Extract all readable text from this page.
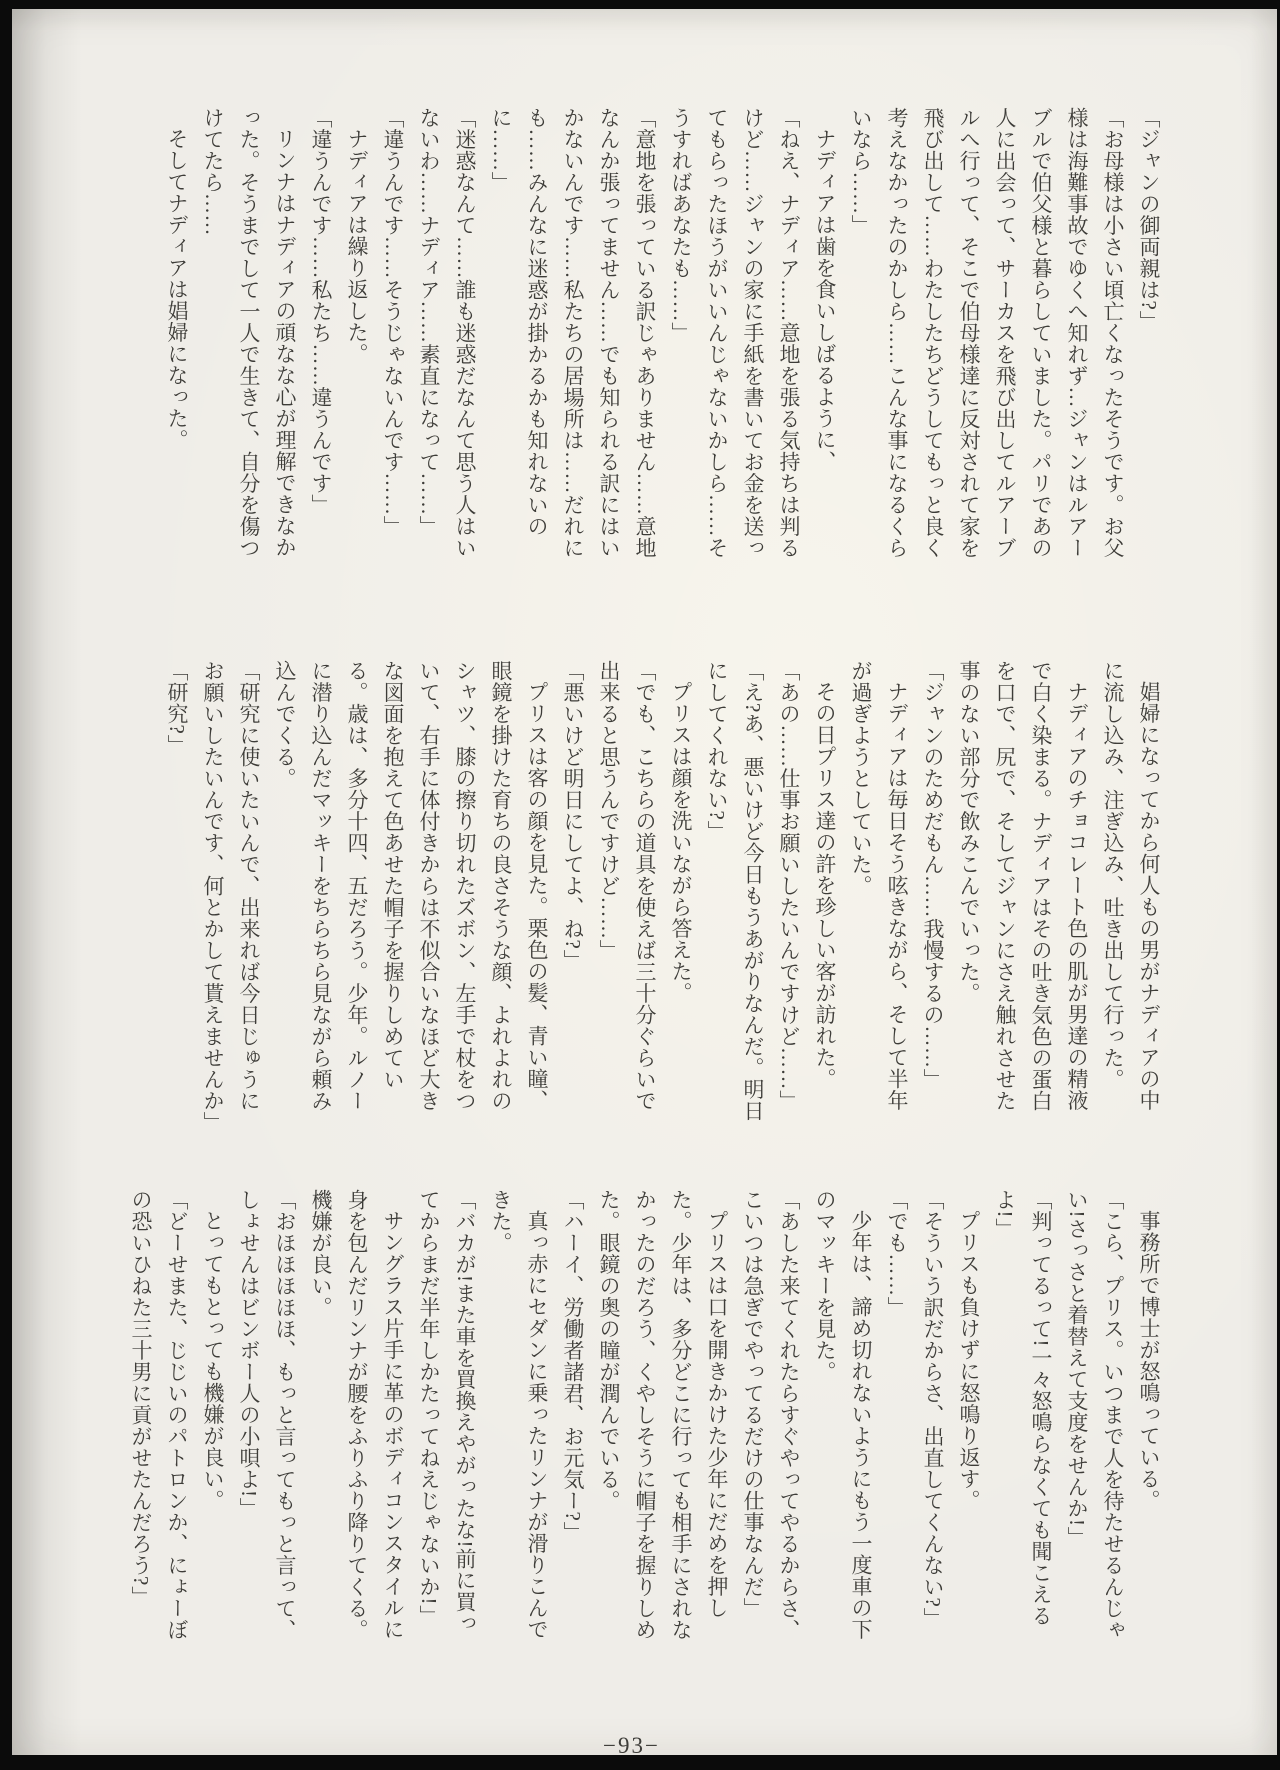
「ジャンの御両親は?」

「お母様は小さい頃亡くなったそうです。お父様は海難事故でゆくへ知れず…ジャンはルアーブルで伯父様と暮らしていました。パリであの人に出会って、サーカスを飛び出してルアーブルへ行って、そこで伯母様達に反対されて家を飛び出して……わたしたちどうしてもっと良く考えなかったのかしら……こんな事になるくらいなら……」

ナディアは歯を食いしばるように、

「ねえ、ナディア……意地を張る気持ちは判るけど……ジャンの家に手紙を書いてお金を送ってもらったほうがいいんじゃないかしら……そうすればあなたも……」

「意地を張っている訳じゃありません……意地なんか張ってません……でも知られる訳にはいかないんです……私たちの居場所は……だれにも……みんなに迷惑が掛かるかも知れないのに……」

「迷惑なんて……誰も迷惑だなんて思う人はいないわ……ナディア……素直になって……」

「違うんです……そうじゃないんです……」

ナディアは繰り返した。

「違うんです……私たち……違うんです」

リンナはナディアの頑なな心が理解できなかった。そうまでして一人で生きて、自分を傷つけてたら……

そしてナディアは娼婦になった。

娼婦になってから何人もの男がナディアの中に流し込み、注ぎ込み、吐き出して行った。

ナディアのチョコレート色の肌が男達の精液で白く染まる。ナディアはその吐き気色の蛋白を口で、尻で、そしてジャンにさえ触れさせた事のない部分で飲みこんでいった。

「ジャンのためだもん……我慢するの……」

ナディアは毎日そう呟きながら、そして半年が過ぎようとしていた。

その日プリス達の許を珍しい客が訪れた。

「あの……仕事お願いしたいんですけど……」

「え?あ、悪いけど今日もうあがりなんだ。明日にしてくれない?」

プリスは顔を洗いながら答えた。

「でも、こちらの道具を使えば三十分ぐらいで出来ると思うんですけど……」

「悪いけど明日にしてよ、ね?」

プリスは客の顔を見た。栗色の髪、青い瞳、眼鏡を掛けた育ちの良さそうな顔、よれよれのシャツ、膝の擦り切れたズボン、左手で杖をついて、右手に体付きからは不似合いなほど大きな図面を抱えて色あせた帽子を握りしめている。歳は、多分十四、五だろう。少年。ルノーに潜り込んだマッキーをちらちら見ながら頼み込んでくる。

「研究に使いたいんで、出来れば今日じゅうにお願いしたいんです、何とかして貰えませんか」

「研究?」

事務所で博士が怒鳴っている。

「こら、プリス。いつまで人を待たせるんじゃい!さっさと着替えて支度をせんか!」

「判ってるって!一々怒鳴らなくても聞こえるよ!」

プリスも負けずに怒鳴り返す。

「そういう訳だからさ、出直してくんない?」

「でも……」

少年は、諦め切れないようにもう一度車の下のマッキーを見た。

「あした来てくれたらすぐやってやるからさ、こいつは急ぎでやってるだけの仕事なんだ」

プリスは口を開きかけた少年にだめを押した。少年は、多分どこに行っても相手にされなかったのだろう、くやしそうに帽子を握りしめた。眼鏡の奥の瞳が潤んでいる。

「ハーイ、労働者諸君、お元気ー?」

真っ赤にセダンに乗ったリンナが滑りこんできた。

「バカが!また車を買換えやがったな!前に買ってからまだ半年しかたってねえじゃないか!」

サングラス片手に革のボディコンスタイルに身を包んだリンナが腰をふりふり降りてくる。機嫌が良い。

「おほほほほほ、もっと言ってもっと言って、しょせんはビンボー人の小唄よ!」

とってもとっても機嫌が良い。

「どーせまた、じじいのパトロンか、にょーぼの恐いひねた三十男に貢がせたんだろう?」

−93−
